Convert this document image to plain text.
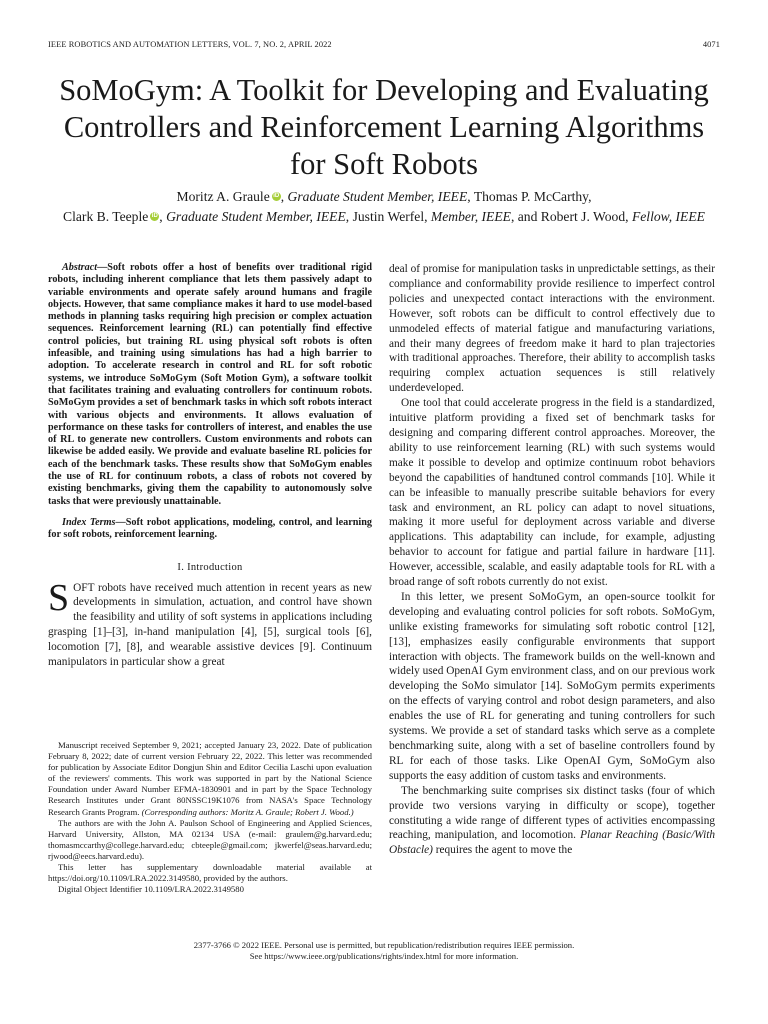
IEEE ROBOTICS AND AUTOMATION LETTERS, VOL. 7, NO. 2, APRIL 2022	4071
SoMoGym: A Toolkit for Developing and Evaluating
Controllers and Reinforcement Learning Algorithms
for Soft Robots
Moritz A. Graule iD , Graduate Student Member, IEEE, Thomas P. McCarthy,
Clark B. Teeple iD , Graduate Student Member, IEEE, Justin Werfel, Member, IEEE, and Robert J. Wood, Fellow, IEEE

Abstract—Soft robots offer a host of benefits over traditional rigid robots, including inherent compliance that lets them passively adapt to variable environments and operate safely around humans and fragile objects. However, that same compliance makes it hard to use model-based methods in planning tasks requiring high precision or complex actuation sequences. Reinforcement learning (RL) can potentially find effective control policies, but training RL using physical soft robots is often infeasible, and training using simulations has had a high barrier to adoption. To accelerate research in control and RL for soft robotic systems, we introduce SoMoGym (Soft Motion Gym), a software toolkit that facilitates training and evaluating controllers for continuum robots. SoMoGym provides a set of benchmark tasks in which soft robots interact with various objects and environments. It allows evaluation of performance on these tasks for controllers of interest, and enables the use of RL to generate new controllers. Custom environments and robots can likewise be added easily. We provide and evaluate baseline RL policies for each of the benchmark tasks. These results show that SoMoGym enables the use of RL for continuum robots, a class of robots not covered by existing benchmarks, giving them the capability to autonomously solve tasks that were previously unattainable.

Index Terms—Soft robot applications, modeling, control, and learning for soft robots, reinforcement learning.

I. Introduction

SOFT robots have received much attention in recent years as new developments in simulation, actuation, and control have shown the feasibility and utility of soft systems in applications including grasping [1]–[3], in-hand manipulation [4], [5], surgical tools [6], locomotion [7], [8], and wearable assistive devices [9]. Continuum manipulators in particular show a great

Manuscript received September 9, 2021; accepted January 23, 2022. Date of publication February 8, 2022; date of current version February 22, 2022. This letter was recommended for publication by Associate Editor Dongjun Shin and Editor Cecilia Laschi upon evaluation of the reviewers' comments. This work was supported in part by the National Science Foundation under Award Number EFMA-1830901 and in part by the Space Technology Research Institutes under Grant 80NSSC19K1076 from NASA's Space Technology Research Grants Program. (Corresponding authors: Moritz A. Graule; Robert J. Wood.)

The authors are with the John A. Paulson School of Engineering and Applied Sciences, Harvard University, Allston, MA 02134 USA (e-mail: graulem@g.harvard.edu; thomasmccarthy@college.harvard.edu; cbteeple@gmail.com; jkwerfel@seas.harvard.edu; rjwood@eecs.harvard.edu).

This letter has supplementary downloadable material available at https://doi.org/10.1109/LRA.2022.3149580, provided by the authors.

Digital Object Identifier 10.1109/LRA.2022.3149580

deal of promise for manipulation tasks in unpredictable settings, as their compliance and conformability provide resilience to imperfect control policies and unexpected contact interactions with the environment. However, soft robots can be difficult to control effectively due to unmodeled effects of material fatigue and manufacturing variations, and their many degrees of freedom make it hard to plan trajectories with traditional approaches. Therefore, their ability to accomplish tasks requiring complex actuation sequences is still relatively underdeveloped.

One tool that could accelerate progress in the field is a standardized, intuitive platform providing a fixed set of benchmark tasks for designing and comparing different control approaches. Moreover, the ability to use reinforcement learning (RL) with such systems would make it possible to develop and optimize continuum robot behaviors beyond the capabilities of handtuned control commands [10]. While it can be infeasible to manually prescribe suitable behaviors for every task and environment, an RL policy can adapt to novel situations, making it more useful for deployment across variable and diverse applications. This adaptability can include, for example, adjusting behavior to account for fatigue and partial failure in hardware [11]. However, accessible, scalable, and easily adaptable tools for RL with a broad range of soft robots currently do not exist.

In this letter, we present SoMoGym, an open-source toolkit for developing and evaluating control policies for soft robots. SoMoGym, unlike existing frameworks for simulating soft robotic control [12], [13], emphasizes easily configurable environments that support interaction with objects. The framework builds on the well-known and widely used OpenAI Gym environment class, and on our previous work developing the SoMo simulator [14]. SoMoGym permits experiments on the effects of varying control and robot design parameters, and also enables the use of RL for generating and tuning controllers for such systems. We provide a set of standard tasks which serve as a complete benchmarking suite, along with a set of baseline controllers found by RL for each of those tasks. Like OpenAI Gym, SoMoGym also supports the easy addition of custom tasks and environments.

The benchmarking suite comprises six distinct tasks (four of which provide two versions varying in difficulty or scope), together constituting a wide range of different types of activities encompassing reaching, manipulation, and locomotion. Planar Reaching (Basic/With Obstacle) requires the agent to move the

2377-3766 © 2022 IEEE. Personal use is permitted, but republication/redistribution requires IEEE permission.
See https://www.ieee.org/publications/rights/index.html for more information.
